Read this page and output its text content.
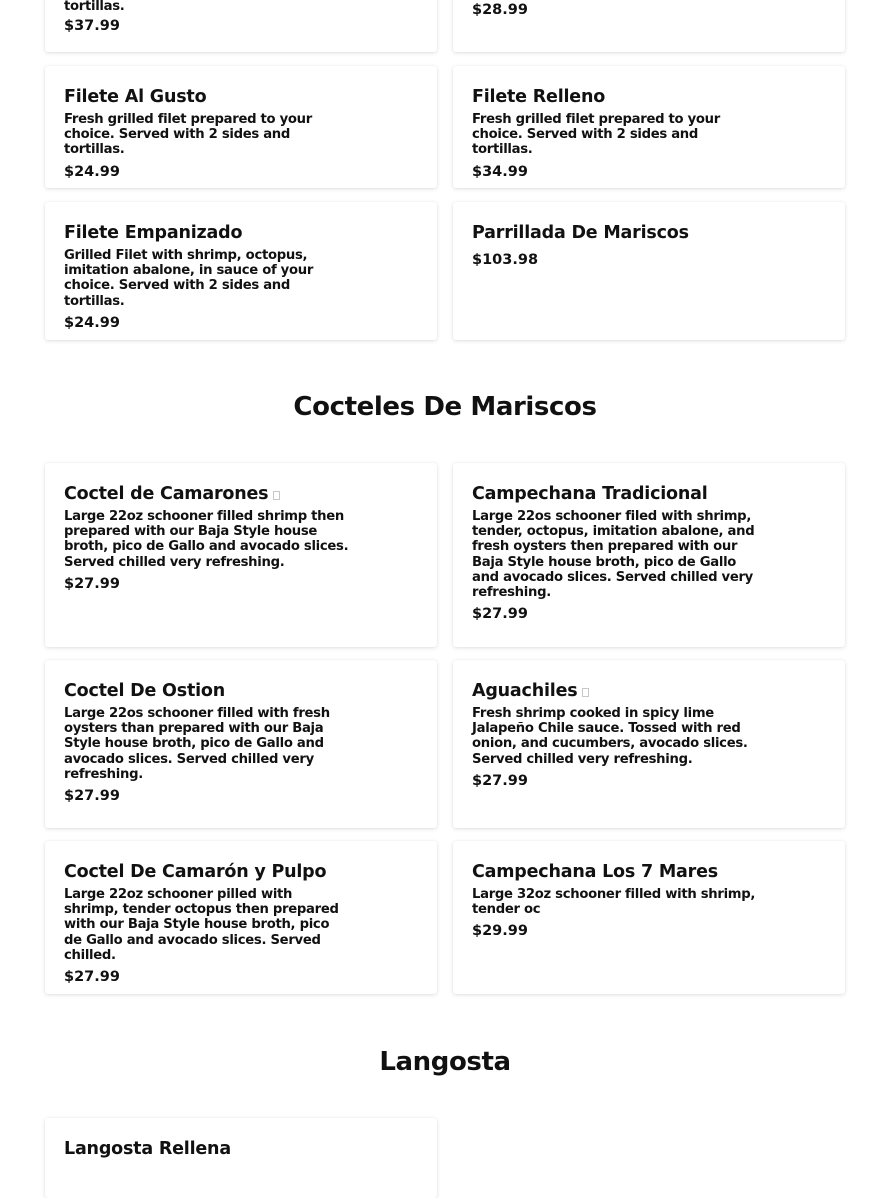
tortillas.

$37.99

$28.99

Filete Al Gusto

Fresh grilled filet prepared to your choice. Served with 2 sides and tortillas.

$24.99

Filete Relleno

Fresh grilled filet prepared to your choice. Served with 2 sides and tortillas.

$34.99

Filete Empanizado

Grilled Filet with shrimp, octopus, imitation abalone, in sauce of your choice. Served with 2 sides and tortillas.

$24.99

Parrillada De Mariscos

$103.98

Cocteles De Mariscos

Coctel de Camarones

Large 22oz schooner filled shrimp then prepared with our Baja Style house broth, pico de Gallo and avocado slices. Served chilled very refreshing.

$27.99

Campechana Tradicional

Large 22os schooner filed with shrimp, tender, octopus, imitation abalone, and fresh oysters then prepared with our Baja Style house broth, pico de Gallo and avocado slices. Served chilled very refreshing.

$27.99

Coctel De Ostion

Large 22os schooner filled with fresh oysters than prepared with our Baja Style house broth, pico de Gallo and avocado slices. Served chilled very refreshing.

$27.99

Aguachiles

Fresh shrimp cooked in spicy lime Jalapeño Chile sauce. Tossed with red onion, and cucumbers, avocado slices. Served chilled very refreshing.

$27.99

Coctel De Camarón y Pulpo

Large 22oz schooner pilled with shrimp, tender octopus then prepared with our Baja Style house broth, pico de Gallo and avocado slices. Served chilled.

$27.99

Campechana Los 7 Mares

Large 32oz schooner filled with shrimp, tender oc

$29.99

Langosta

Langosta Rellena
